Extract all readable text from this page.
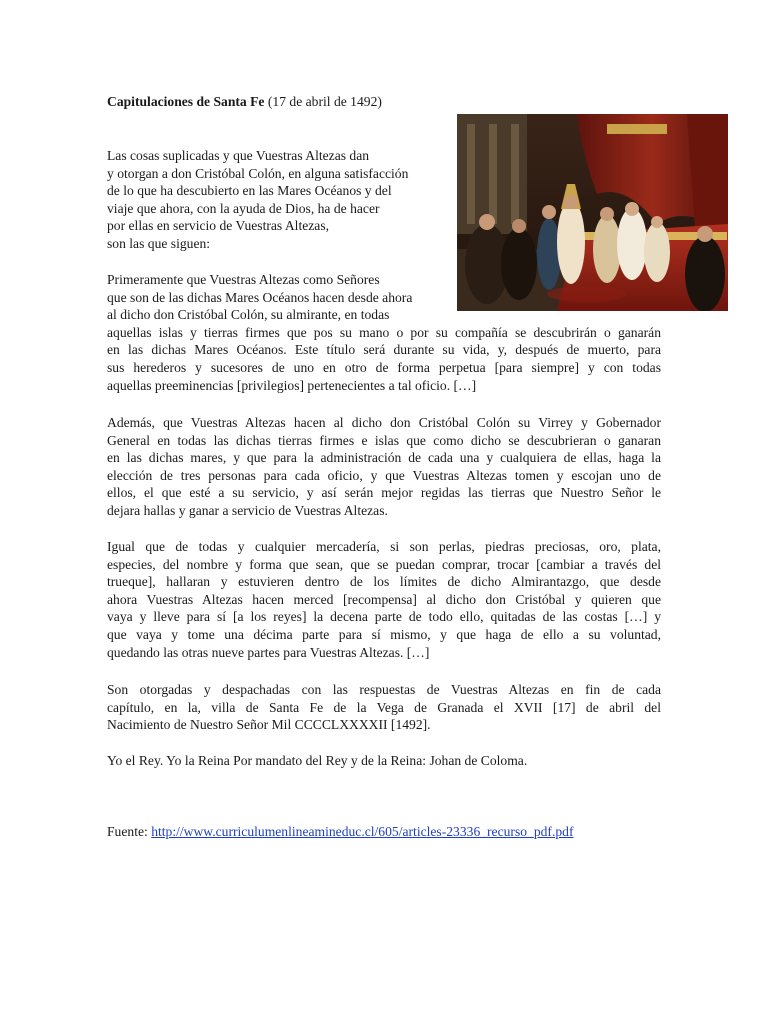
Capitulaciones de Santa Fe (17 de abril de 1492)
Las cosas suplicadas y que Vuestras Altezas dan
y otorgan a don Cristóbal Colón, en alguna satisfacción
de lo que ha descubierto en las Mares Océanos y del
viaje que ahora, con la ayuda de Dios, ha de hacer
por ellas en servicio de Vuestras Altezas,
son las que siguen:
Primeramente que Vuestras Altezas como Señores
que son de las dichas Mares Océanos hacen desde ahora
al dicho don Cristóbal Colón, su almirante, en todas
aquellas islas y tierras firmes que pos su mano o por su compañía se descubrirán o ganarán
en las dichas Mares Océanos. Este título será durante su vida, y, después de muerto, para
sus herederos y sucesores de uno en otro de forma perpetua [para siempre] y con todas
aquellas preeminencias [privilegios] pertenecientes a tal oficio. […]
Además, que Vuestras Altezas hacen al dicho don Cristóbal Colón su Virrey y Gobernador
General en todas las dichas tierras firmes e islas que como dicho se descubrieran o ganaran
en las dichas mares, y que para la administración de cada una y cualquiera de ellas, haga la
elección de tres personas para cada oficio, y que Vuestras Altezas tomen y escojan uno de
ellos, el que esté a su servicio, y así serán mejor regidas las tierras que Nuestro Señor le
dejara hallas y ganar a servicio de Vuestras Altezas.
Igual que de todas y cualquier mercadería, si son perlas, piedras preciosas, oro, plata,
especies, del nombre y forma que sean, que se puedan comprar, trocar [cambiar a través del
trueque], hallaran y estuvieren dentro de los límites de dicho Almirantazgo, que desde
ahora Vuestras Altezas hacen merced [recompensa] al dicho don Cristóbal y quieren que
vaya y lleve para sí [a los reyes] la decena parte de todo ello, quitadas de las costas […] y
que vaya y tome una décima parte para sí mismo, y que haga de ello a su voluntad,
quedando las otras nueve partes para Vuestras Altezas. […]
Son otorgadas y despachadas con las respuestas de Vuestras Altezas en fin de cada
capítulo, en la, villa de Santa Fe de la Vega de Granada el XVII [17] de abril del
Nacimiento de Nuestro Señor Mil CCCCLXXXXII [1492].
Yo el Rey. Yo la Reina Por mandato del Rey y de la Reina: Johan de Coloma.
Fuente: http://www.curriculumenlineamineduc.cl/605/articles-23336_recurso_pdf.pdf
